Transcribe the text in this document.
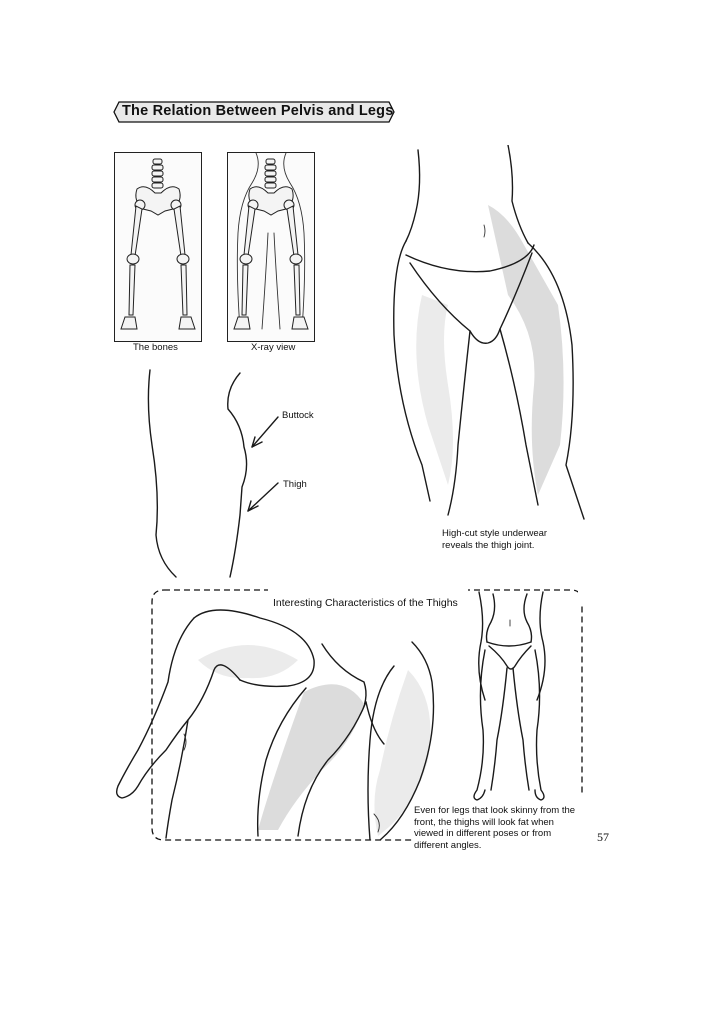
The Relation Between Pelvis and Legs
The bones	X-ray view
Buttock
Thigh
High-cut style underwear
reveals the thigh joint.
Interesting Characteristics of the Thighs
Even for legs that look skinny from the
front, the thighs will look fat when
viewed in different poses or from
different angles.
57
